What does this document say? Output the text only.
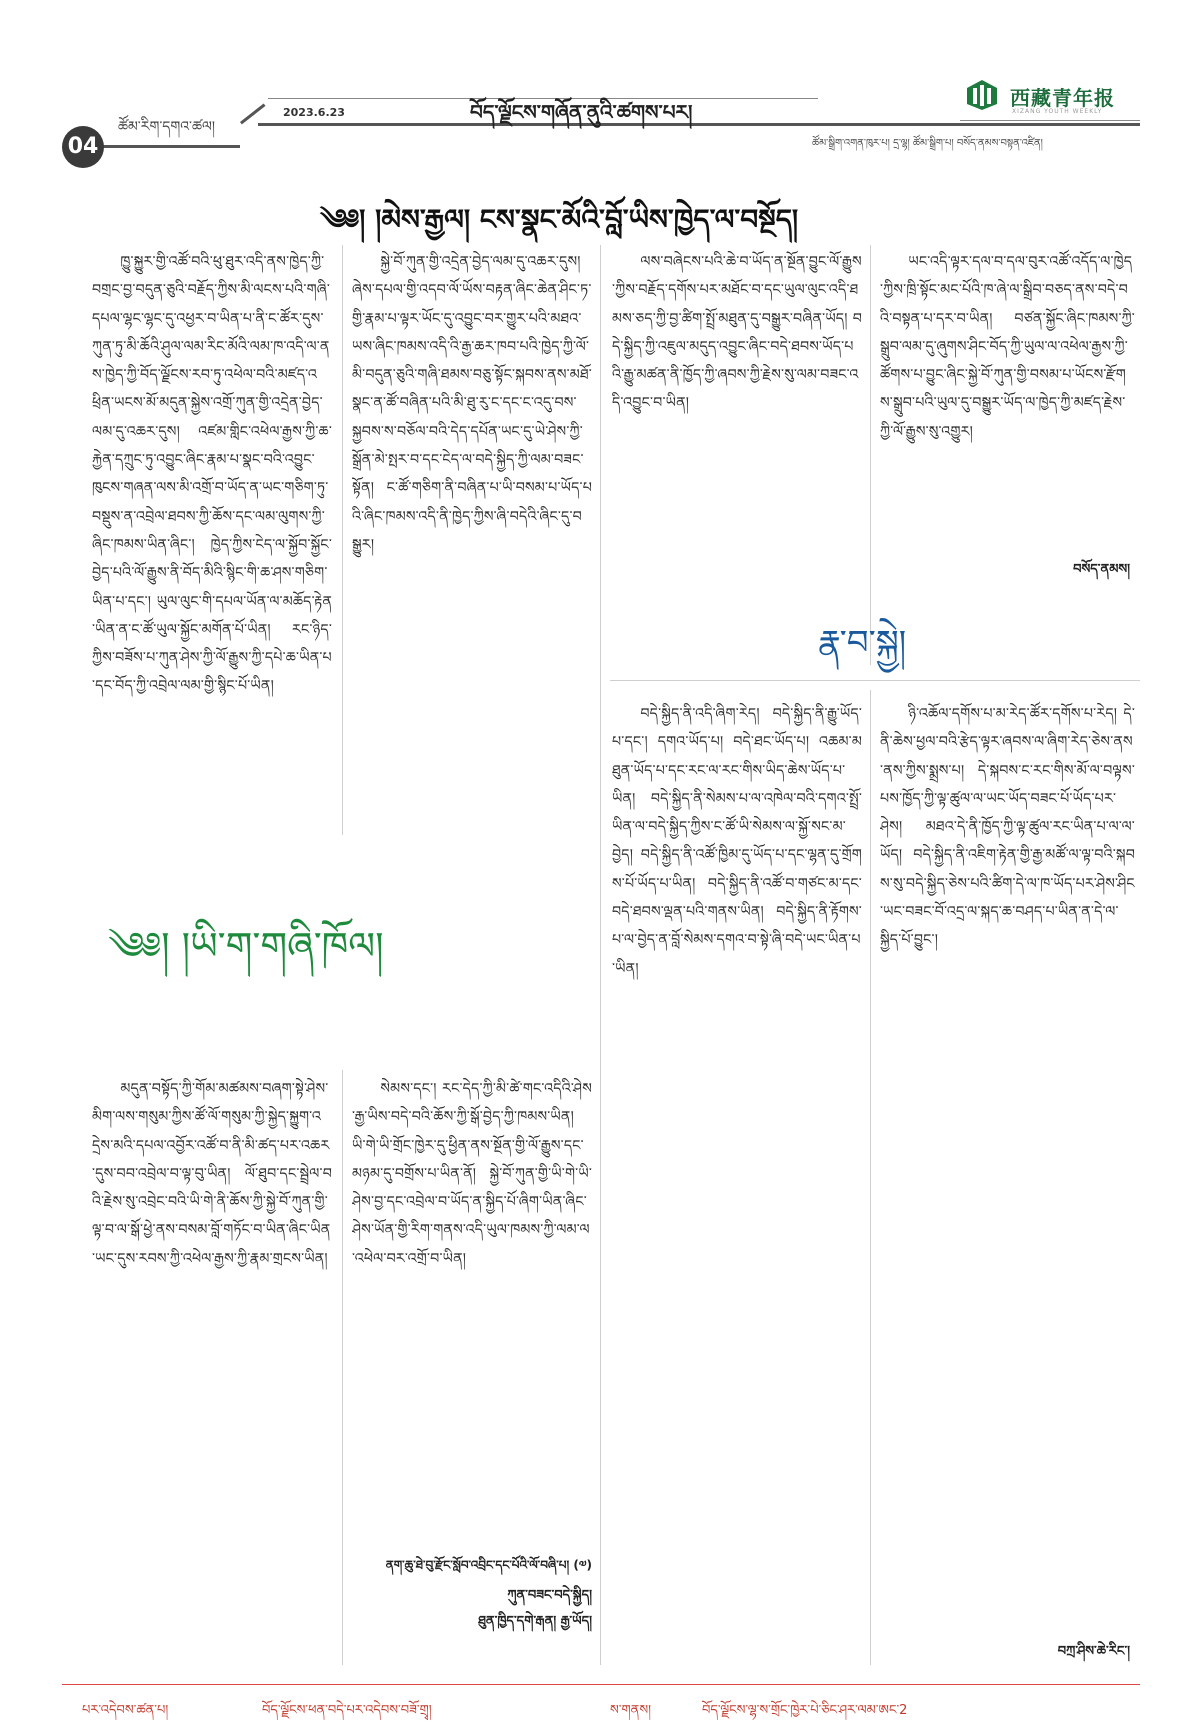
04
ཚོམ་རིག་དགའ་ཚལ།
2023.6.23	བོད་ལྗོངས་གཞོན་ནུའི་ཚགས་པར།
西藏青年报
XIZANG YOUTH WEEKLY
ཚོམ་སྒྲིག་འགན་ཁུར་པ། དྲ་ལྷ། ཚོམ་སྒྲིག་པ། བསོད་ནམས་བསྟན་འཛིན།
༄༅། །མེས་རྒྱལ། ངས་སྣང་མོའི་བློ་ཡིས་ཁྱེད་ལ་བསྔོད།

ཁྱུ་སྐྱུར་གྱི་འཚོ་བའི་ཕུ་ཐུར་འདི་ནས་ཁྱེད་ཀྱི་བགྲང་བྱ་བདུན་ཅུའི་བརྗོད་ཀྱིས་མི་ལངས་པའི་གཞི་དཔལ་ལྷང་ལྷང་དུ་འཕྱར་བ་ཡིན་པ་ནི་ང་ཚོར་དུས་ཀུན་ཏུ་མི་ཆོའི་ཤུལ་ལམ་རིང་མོའི་ལམ་ཁ་འདི་ལ་ནས་ཁྱེད་ཀྱི་བོད་ལྗོངས་རབ་ཏུ་འཕེལ་བའི་མཛད་འཕྲིན་ཡངས་མོ་མདུན་སྐྱེས་འགྲོ་ཀུན་གྱི་འདྲེན་བྱེད་ལམ་དུ་འཆར་དུས། འཛམ་གླིང་འཕེལ་རྒྱས་ཀྱི་ཆ་རྐྱེན་དཀྲུང་ཏུ་འབྱུང་ཞིང་རྣམ་པ་སྣང་བའི་འབྱུང་ཁུངས་གཞན་ལས་མི་འགྲོ་བ་ཡོད་ན་ཡང་གཅིག་ཏུ་བསྡུས་ན་འབྲེལ་ཐབས་ཀྱི་ཆོས་དང་ལམ་ལུགས་ཀྱི་ཞིང་ཁམས་ཡིན་ཞིང་། ཁྱེད་ཀྱིས་ངེད་ལ་སྐྱོབ་སྐྱོང་བྱེད་པའི་ལོ་རྒྱུས་ནི་བོད་མིའི་སྙིང་གི་ཆ་ཤས་གཅིག་ཡིན་པ་དང་། ཡུལ་ལུང་གི་དཔལ་ཡོན་ལ་མཆོད་རྟེན་ཡིན་ན་ང་ཚོ་ཡུལ་སྐྱོང་མགོན་པོ་ཡིན། རང་ཉིད་ཀྱིས་བཟོས་པ་ཀུན་ཤེས་ཀྱི་ལོ་རྒྱུས་ཀྱི་དཔེ་ཆ་ཡིན་པ་དང་བོད་ཀྱི་འབྲེལ་ལམ་གྱི་སྙིང་པོ་ཡིན།

སྐྱེ་བོ་ཀུན་གྱི་འདྲེན་བྱེད་ལམ་དུ་འཆར་དུས། ཞེས་དཔལ་གྱི་འདབ་ལོ་ཡོས་བརྟན་ཞིང་ཆེན་ཤིང་ཏ་གྱི་རྣམ་པ་ལྟར་ཡོང་དུ་འབྱུང་བར་གྱུར་པའི་མཐའ་ཡས་ཞིང་ཁམས་འདི་འི་རྒྱ་ཆར་ཁབ་པའི་ཁྱེད་ཀྱི་ལོ་མི་བདུན་ཅུའི་གཞི་ཐམས་བཅུ་སྟོང་སྐབས་ནས་མཐོ་སྣང་ན་ཚོ་བཞིན་པའི་མི་ཐུ་རུ་ང་དང་ང་འདུ་བས་སྐྱབས་ས་བཅོལ་བའི་དེད་དཔོན་ཡང་དུ་ཡེ་ཤེས་ཀྱི་སྒྲོན་མེ་སྤར་བ་དང་ངེད་ལ་བདེ་སྐྱིད་ཀྱི་ལམ་བཟང་སྟོན། ང་ཚོ་གཅིག་ནི་བཞིན་པ་ཡི་བསམ་པ་ཡོད་པའི་ཞིང་ཁམས་འདི་ནི་ཁྱེད་ཀྱིས་ཞི་བདེའི་ཞིང་དུ་བསྒྱུར།

ལས་བཞེངས་པའི་ཆེ་བ་ཡོད་ན་སྔོན་བྱུང་ལོ་རྒྱུས་ཀྱིས་བརྗོད་དགོས་པར་མཐོང་བ་དང་ཡུལ་ལུང་འདི་ཐམས་ཅད་ཀྱི་བྱ་ཚིག་སྤྲོ་མཐུན་དུ་བསྒྱུར་བཞིན་ཡོད། བདེ་སྐྱིད་ཀྱི་འཇུལ་མདུད་འབྱུང་ཞིང་བདེ་ཐབས་ཡོད་པའི་རྒྱུ་མཚན་ནི་ཁྱོད་ཀྱི་ཞབས་ཀྱི་རྗེས་སུ་ལམ་བཟང་འདི་འབྱུང་བ་ཡིན།

ཡང་འདི་ལྟར་དལ་བ་དལ་བུར་འཚོ་འདོད་ལ་ཁྱེད་ཀྱིས་ཁྲི་སྟོང་མང་པོའི་ཁ་ཞེ་ལ་སྒྲིབ་བཅད་ནས་བདེ་བའི་བསྟན་པ་དར་བ་ཡིན། བཙན་སྐྱོང་ཞིང་ཁམས་ཀྱི་སྒྲུབ་ལམ་དུ་ཞུགས་ཤིང་བོད་ཀྱི་ཡུལ་ལ་འཕེལ་རྒྱས་ཀྱི་ཚོགས་པ་བྱུང་ཞིང་སྐྱེ་བོ་ཀུན་གྱི་བསམ་པ་ཡོངས་རྫོགས་སྒྲུབ་པའི་ཡུལ་དུ་བསྒྱུར་ཡོད་ལ་ཁྱེད་ཀྱི་མཛད་རྗེས་ཀྱི་ལོ་རྒྱུས་སུ་འགྱུར།

བསོད་ནམས།
རྣ་བ་སྐྱེ།

བདེ་སྐྱིད་ནི་འདི་ཞིག་རེད། བདེ་སྐྱིད་ནི་རྒྱུ་ཡོད་པ་དང་། དགའ་ཡོད་པ། བདེ་ཐང་ཡོད་པ། འཆམ་མཐུན་ཡོད་པ་དང་རང་ལ་རང་གིས་ཡིད་ཆེས་ཡོད་པ་ཡིན། བདེ་སྐྱིད་ནི་སེམས་པ་ལ་འཁེལ་བའི་དགའ་སྤྲོ་ཡིན་ལ་བདེ་སྐྱིད་ཀྱིས་ང་ཚོ་ཡི་སེམས་ལ་སྐྱོ་སང་མ་བྱེད། བདེ་སྐྱིད་ནི་འཚོ་ཁྱིམ་དུ་ཡོད་པ་དང་ལྷན་དུ་གྲོགས་པོ་ཡོད་པ་ཡིན། བདེ་སྐྱིད་ནི་འཚོ་བ་གཙང་མ་དང་བདེ་ཐབས་ལྡན་པའི་གནས་ཡིན། བདེ་སྐྱིད་ནི་རྟོགས་པ་ལ་བྱེད་ན་བློ་སེམས་དགའ་བ་སྟེ་ཞི་བདེ་ཡང་ཡིན་པ་ཡིན།

ཉི་འཆོལ་དགོས་པ་མ་རེད་ཚོར་དགོས་པ་རེད། དེ་ནི་ཆེས་ཕྱལ་བའི་རྩེད་ལྟར་ཞབས་ལ་ཞིག་རེད་ཅེས་ནས་ནས་ཀྱིས་སྨྲས་པ། དེ་སྐབས་ང་རང་གིས་མོ་ལ་བལྟས་པས་ཁྱོད་ཀྱི་ལྟ་ཚུལ་ལ་ཡང་ཡོད་བཟང་པོ་ཡོད་པར་ཤེས། མཐའ་དེ་ནི་ཁྱོད་ཀྱི་ལྟ་ཚུལ་རང་ཡིན་པ་ལ་ལ་ཡོད། བདེ་སྐྱིད་ནི་འཇིག་རྟེན་གྱི་རྒྱ་མཚོ་ལ་ལྟ་བའི་སྐབས་སུ་བདེ་སྐྱིད་ཅེས་པའི་ཚིག་དེ་ལ་ཁ་ཡོད་པར་ཤེས་ཤིང་ཡང་བཟང་བོ་འདྲ་ལ་སྐད་ཆ་བཤད་པ་ཡིན་ན་དེ་ལ་སྐྱིད་པོ་བྱུང་།

བཀྲ་ཤིས་ཆེ་རིང་།
༄༅། །ཡི་ག་གཞི་ཁོལ།

མདུན་བསྟོད་ཀྱི་གོམ་མཚམས་བཞག་སྟེ་ཤེས་མིག་ལས་གསུམ་ཀྱིས་ཚོ་ལོ་གསུམ་ཀྱི་སྐྱེད་སྐྱུག་འདྲེས་མའི་དཔལ་འབྱོར་འཚོ་བ་ནི་མི་ཚད་པར་འཆར་དུས་བབ་འབྲེལ་བ་ལྟ་བུ་ཡིན། ལོ་ཐུབ་དང་སྦྲེལ་བའི་རྗེས་སུ་འབྲེང་བའི་ཡི་གེ་ནི་ཆོས་ཀྱི་སྐྱེ་བོ་ཀུན་གྱི་ལྟ་བ་ལ་སྒོ་ཕྱེ་ནས་བསམ་བློ་གཏོང་བ་ཡིན་ཞིང་ཡིན་ཡང་དུས་རབས་ཀྱི་འཕེལ་རྒྱས་ཀྱི་རྣམ་གྲངས་ཡིན།

སེམས་དང་། རང་དེད་ཀྱི་མི་ཚེ་གང་འདིའི་ཤེས་རྒྱ་ཡིས་བདེ་བའི་ཆོས་ཀྱི་སྒོ་བྱེད་ཀྱི་ཁམས་ཡིན། ཡི་གེ་ཡི་གྲོང་ཁྱེར་དུ་ཕྱིན་ནས་སྔོན་གྱི་ལོ་རྒྱུས་དང་མཉམ་དུ་བགྲོས་པ་ཡིན་ནོ། སྐྱེ་བོ་ཀུན་གྱི་ཡི་གེ་ཡི་ཤེས་བྱ་དང་འབྲེལ་བ་ཡོད་ན་སྐྱིད་པོ་ཞིག་ཡིན་ཞིང་ཤེས་ཡོན་གྱི་རིག་གནས་འདི་ཡུལ་ཁམས་ཀྱི་ལམ་ལ་འཕེལ་བར་འགྲོ་བ་ཡིན།

ནག་ཆུ་ཐེ་བུ་རྫོང་སློབ་འབྲིང་དང་པོའི་ལོ་བཞི་པ། (༧)
ཀུན་བཟང་བདེ་སྐྱིད།
ཐུན་ཁྱིད་དགེ་རྒན། རྒྱ་ཡོད།
པར་འདེབས་ཚན་པ།	བོད་ལྗོངས་ཕན་བདེ་པར་འདེབས་བཟོ་གྲྭ།	ས་གནས།	བོད་ལྗོངས་ལྷ་ས་གྲོང་ཁྱེར་པེ་ཅིང་ཤར་ལམ་ཨང་2
